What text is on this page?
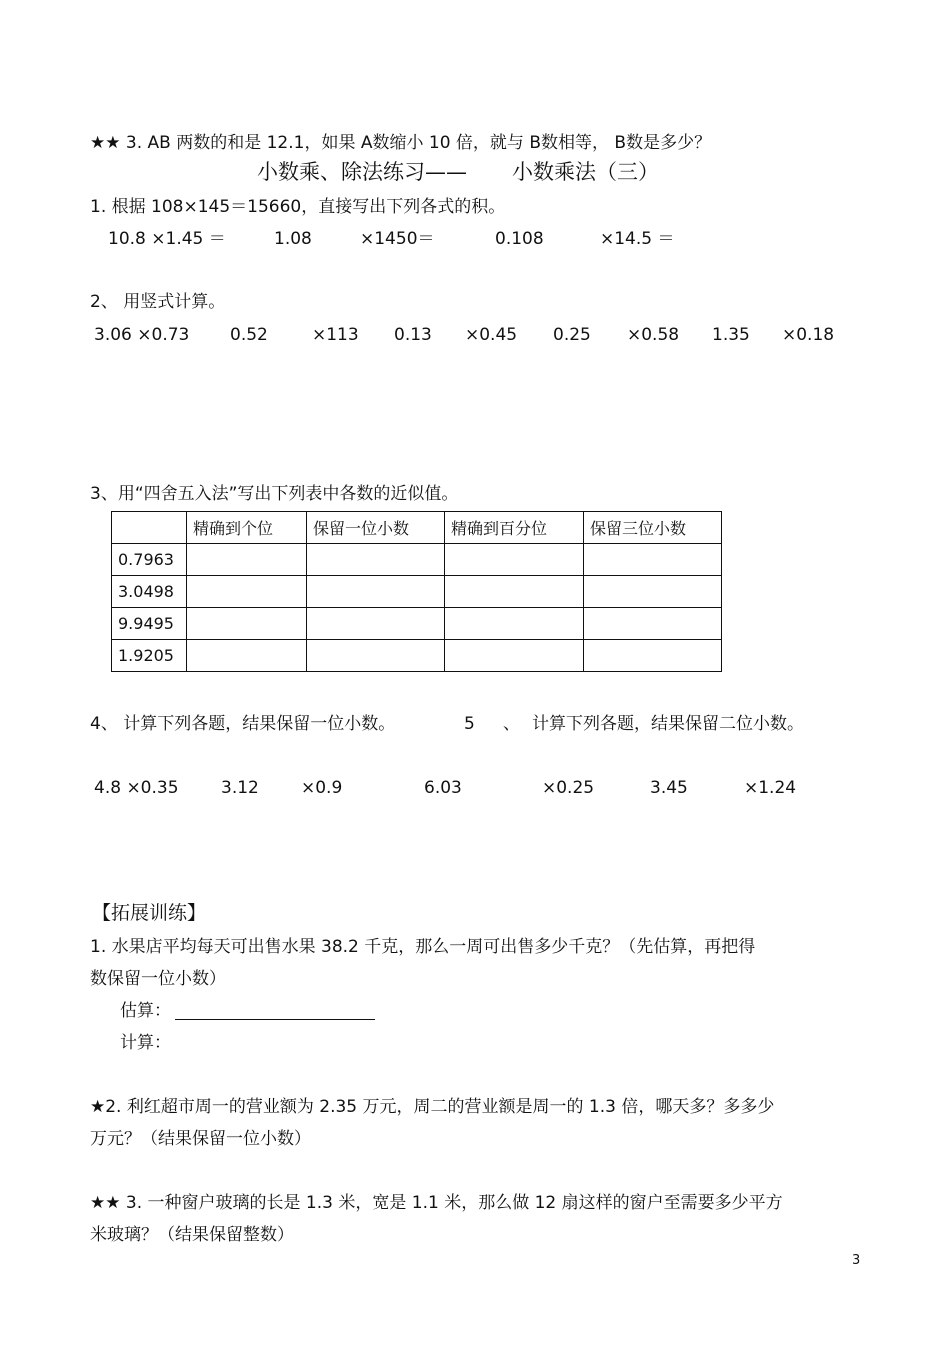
★★ 3. AB 两数的和是 12.1，如果 A数缩小 10 倍，就与 B数相等， B数是多少？
小数乘、除法练习—— 小数乘法（三）
1. 根据 108×145＝15660，直接写出下列各式的积。
10.8 ×1.45 ＝	1.08	×1450＝	0.108	×14.5 ＝
2、 用竖式计算。
3.06 ×0.73 0.52	×113 0.13 ×0.45 0.25 ×0.58 1.35 ×0.18
3、用“四舍五入法”写出下列表中各数的近似值。
	精确到个位	保留一位小数	精确到百分位	保留三位小数
0.7963				
3.0498				
9.9495				
1.9205				
4、 计算下列各题，结果保留一位小数。	5 、 计算下列各题，结果保留二位小数。
4.8 ×0.35 3.12 ×0.9	6.03	×0.25	3.45	×1.24
【拓展训练】
1. 水果店平均每天可出售水果 38.2 千克，那么一周可出售多少千克？（先估算，再把得
数保留一位小数）
估算：
计算：
★2. 利红超市周一的营业额为 2.35 万元，周二的营业额是周一的 1.3 倍，哪天多？多多少
万元？（结果保留一位小数）
★★ 3. 一种窗户玻璃的长是 1.3 米，宽是 1.1 米，那么做 12 扇这样的窗户至需要多少平方
米玻璃？（结果保留整数）
3
